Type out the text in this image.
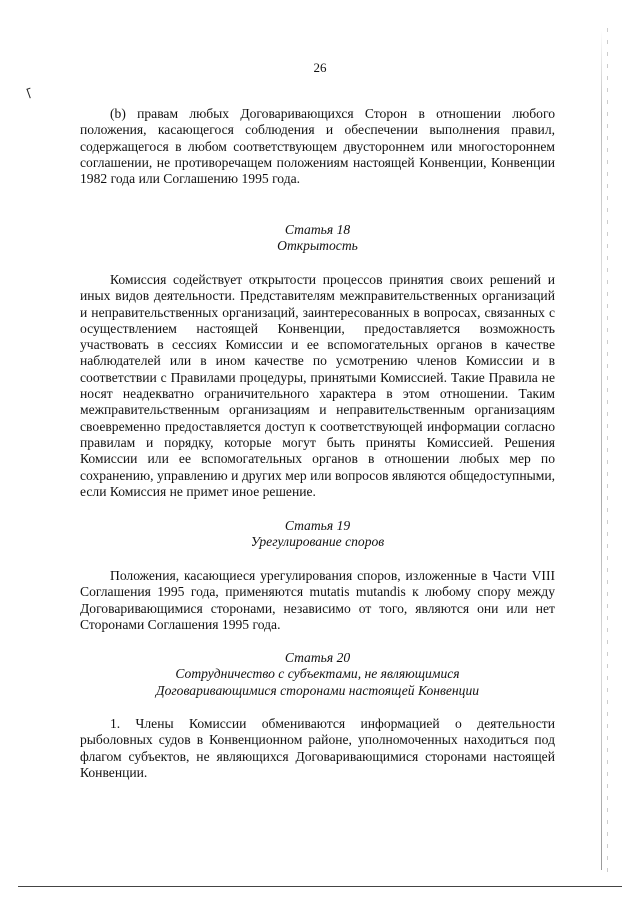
26

(b) правам любых Договаривающихся Сторон в отношении любого положения, касающегося соблюдения и обеспечении выполнения правил, содержащегося в любом соответствующем двустороннем или многостороннем соглашении, не противоречащем положениям настоящей Конвенции, Конвенции 1982 года или Соглашению 1995 года.

Статья 18
Открытость

Комиссия содействует открытости процессов принятия своих решений и иных видов деятельности. Представителям межправительственных организаций и неправительственных организаций, заинтересованных в вопросах, связанных с осуществлением настоящей Конвенции, предоставляется возможность участвовать в сессиях Комиссии и ее вспомогательных органов в качестве наблюдателей или в ином качестве по усмотрению членов Комиссии и в соответствии с Правилами процедуры, принятыми Комиссией. Такие Правила не носят неадекватно ограничительного характера в этом отношении. Таким межправительственным организациям и неправительственным организациям своевременно предоставляется доступ к соответствующей информации согласно правилам и порядку, которые могут быть приняты Комиссией. Решения Комиссии или ее вспомогательных органов в отношении любых мер по сохранению, управлению и других мер или вопросов являются общедоступными, если Комиссия не примет иное решение.

Статья 19
Урегулирование споров

Положения, касающиеся урегулирования споров, изложенные в Части VIII Соглашения 1995 года, применяются mutatis mutandis к любому спору между Договаривающимися сторонами, независимо от того, являются они или нет Сторонами Соглашения 1995 года.

Статья 20
Сотрудничество с субъектами, не являющимися
Договаривающимися сторонами настоящей Конвенции

1. Члены Комиссии обмениваются информацией о деятельности рыболовных судов в Конвенционном районе, уполномоченных находиться под флагом субъектов, не являющихся Договаривающимися сторонами настоящей Конвенции.
